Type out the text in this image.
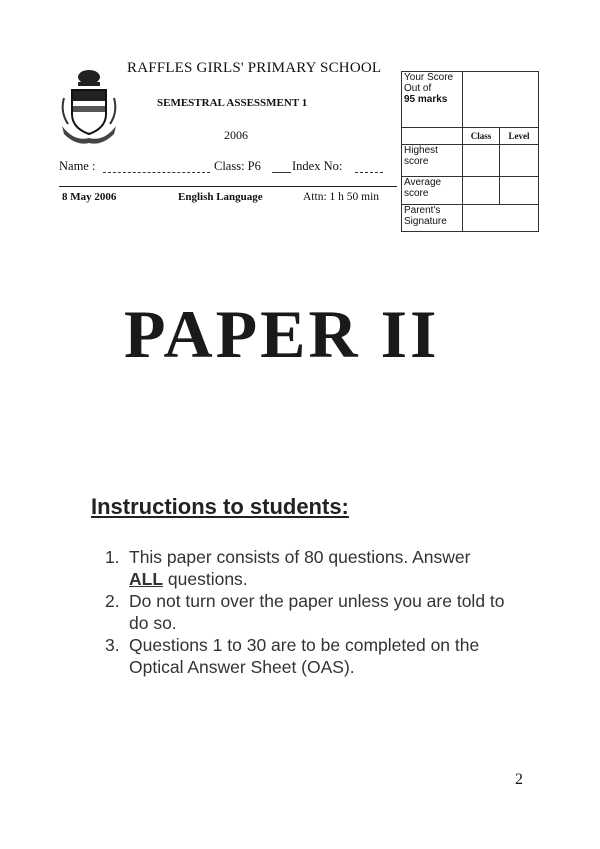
RAFFLES GIRLS' PRIMARY SCHOOL
SEMESTRAL ASSESSMENT 1
2006
Name :	Class: P6 Index No:
8 May 2006	English Language	Attn: 1 h 50 min
Your Score Out of
95 marks		
	Class	Level
Highest score		
Average score		
Parent's Signature		
PAPER II
Instructions to students:
1. This paper consists of 80 questions. Answer ALL questions.
2. Do not turn over the paper unless you are told to do so.
3. Questions 1 to 30 are to be completed on the Optical Answer Sheet (OAS).
2
